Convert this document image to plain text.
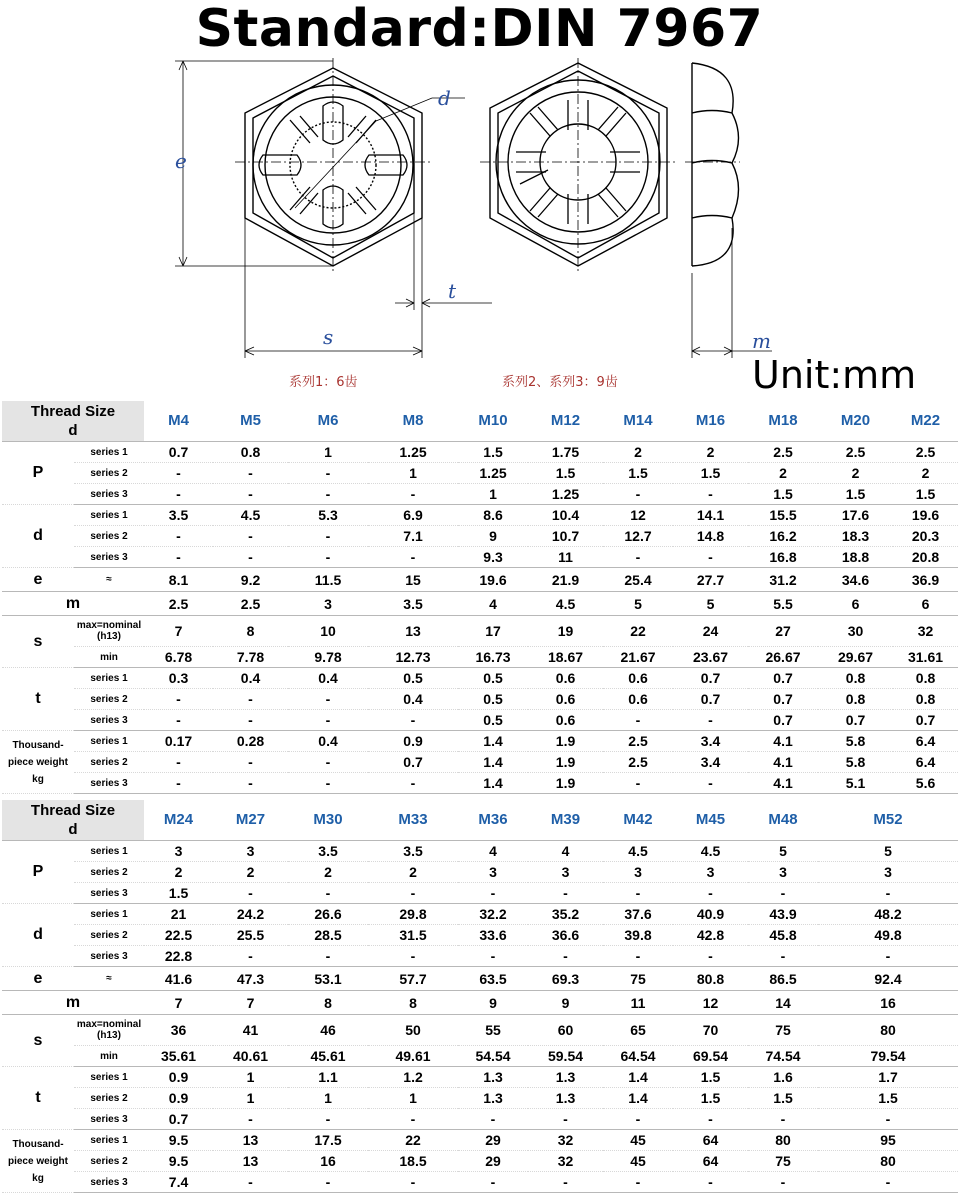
Standard:DIN 7967
d
e
t
s	m
系列1：6齿	系列2、系列3：9齿	Unit:mm
Thread Size
d		M4	M5	M6	M8	M10	M12	M14	M16	M18	M20	M22
P	series 1	0.7	0.8	1	1.25	1.5	1.75	2	2	2.5	2.5	2.5
	series 2	-	-	-	1	1.25	1.5	1.5	1.5	2	2	2
	series 3	-	-	-	-	1	1.25	-	-	1.5	1.5	1.5
d	series 1	3.5	4.5	5.3	6.9	8.6	10.4	12	14.1	15.5	17.6	19.6
	series 2	-	-	-	7.1	9	10.7	12.7	14.8	16.2	18.3	20.3
	series 3	-	-	-	-	9.3	11	-	-	16.8	18.8	20.8
e	≈	8.1	9.2	11.5	15	19.6	21.9	25.4	27.7	31.2	34.6	36.9
m		2.5	2.5	3	3.5	4	4.5	5	5	5.5	6	6
s	max=nominal (h13)	7	8	10	13	17	19	22	24	27	30	32
	min	6.78	7.78	9.78	12.73	16.73	18.67	21.67	23.67	26.67	29.67	31.61
t	series 1	0.3	0.4	0.4	0.5	0.5	0.6	0.6	0.7	0.7	0.8	0.8
	series 2	-	-	-	0.4	0.5	0.6	0.6	0.7	0.7	0.8	0.8
	series 3	-	-	-	-	0.5	0.6	-	-	0.7	0.7	0.7
Thousand-piece weight kg	series 1	0.17	0.28	0.4	0.9	1.4	1.9	2.5	3.4	4.1	5.8	6.4
	series 2	-	-	-	0.7	1.4	1.9	2.5	3.4	4.1	5.8	6.4
	series 3	-	-	-	-	1.4	1.9	-	-	4.1	5.1	5.6
Thread Size
d		M24	M27	M30	M33	M36	M39	M42	M45	M48	M52
P	series 1	3	3	3.5	3.5	4	4	4.5	4.5	5	5
	series 2	2	2	2	2	3	3	3	3	3	3
	series 3	1.5	-	-	-	-	-	-	-	-	-
d	series 1	21	24.2	26.6	29.8	32.2	35.2	37.6	40.9	43.9	48.2
	series 2	22.5	25.5	28.5	31.5	33.6	36.6	39.8	42.8	45.8	49.8
	series 3	22.8	-	-	-	-	-	-	-	-	-
e	≈	41.6	47.3	53.1	57.7	63.5	69.3	75	80.8	86.5	92.4
m		7	7	8	8	9	9	11	12	14	16
s	max=nominal (h13)	36	41	46	50	55	60	65	70	75	80
	min	35.61	40.61	45.61	49.61	54.54	59.54	64.54	69.54	74.54	79.54
t	series 1	0.9	1	1.1	1.2	1.3	1.3	1.4	1.5	1.6	1.7
	series 2	0.9	1	1	1	1.3	1.3	1.4	1.5	1.5	1.5
	series 3	0.7	-	-	-	-	-	-	-	-	-
Thousand-piece weight kg	series 1	9.5	13	17.5	22	29	32	45	64	80	95
	series 2	9.5	13	16	18.5	29	32	45	64	75	80
	series 3	7.4	-	-	-	-	-	-	-	-	-
